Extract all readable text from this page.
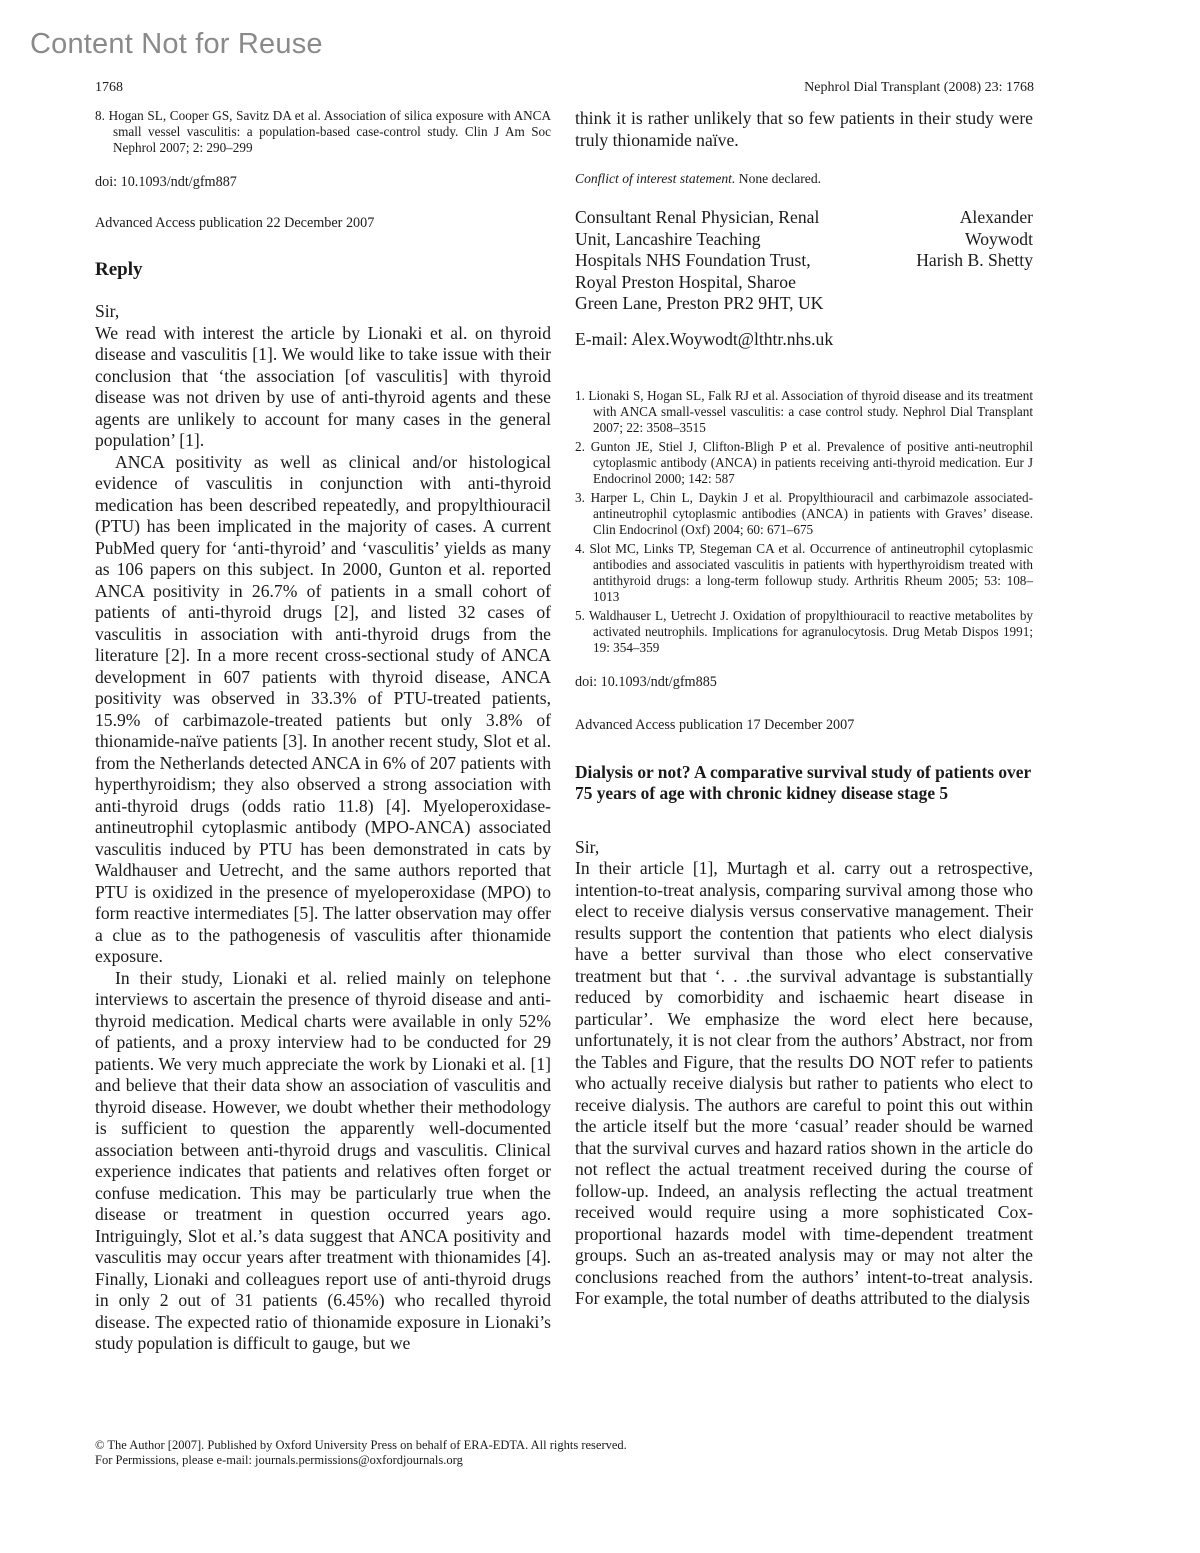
Content Not for Reuse
1768	Nephrol Dial Transplant (2008) 23: 1768

8. Hogan SL, Cooper GS, Savitz DA et al. Association of silica exposure with ANCA small vessel vasculitis: a population-based case-control study. Clin J Am Soc Nephrol 2007; 2: 290–299

doi: 10.1093/ndt/gfm887

Advanced Access publication 22 December 2007

Reply

Sir,

We read with interest the article by Lionaki et al. on thyroid disease and vasculitis [1]. We would like to take issue with their conclusion that ‘the association [of vasculitis] with thyroid disease was not driven by use of anti-thyroid agents and these agents are unlikely to account for many cases in the general population’ [1].

ANCA positivity as well as clinical and/or histological evidence of vasculitis in conjunction with anti-thyroid medication has been described repeatedly, and propylthiouracil (PTU) has been implicated in the majority of cases. A current PubMed query for ‘anti-thyroid’ and ‘vasculitis’ yields as many as 106 papers on this subject. In 2000, Gunton et al. reported ANCA positivity in 26.7% of patients in a small cohort of patients of anti-thyroid drugs [2], and listed 32 cases of vasculitis in association with anti-thyroid drugs from the literature [2]. In a more recent cross-sectional study of ANCA development in 607 patients with thyroid disease, ANCA positivity was observed in 33.3% of PTU-treated patients, 15.9% of carbimazole-treated patients but only 3.8% of thionamide-naïve patients [3]. In another recent study, Slot et al. from the Netherlands detected ANCA in 6% of 207 patients with hyperthyroidism; they also observed a strong association with anti-thyroid drugs (odds ratio 11.8) [4]. Myeloperoxidase-antineutrophil cytoplasmic antibody (MPO-ANCA) associated vasculitis induced by PTU has been demonstrated in cats by Waldhauser and Uetrecht, and the same authors reported that PTU is oxidized in the presence of myeloperoxidase (MPO) to form reactive intermediates [5]. The latter observation may offer a clue as to the pathogenesis of vasculitis after thionamide exposure.

In their study, Lionaki et al. relied mainly on telephone interviews to ascertain the presence of thyroid disease and anti-thyroid medication. Medical charts were available in only 52% of patients, and a proxy interview had to be conducted for 29 patients. We very much appreciate the work by Lionaki et al. [1] and believe that their data show an association of vasculitis and thyroid disease. However, we doubt whether their methodology is sufficient to question the apparently well-documented association between anti-thyroid drugs and vasculitis. Clinical experience indicates that patients and relatives often forget or confuse medication. This may be particularly true when the disease or treatment in question occurred years ago. Intriguingly, Slot et al.’s data suggest that ANCA positivity and vasculitis may occur years after treatment with thionamides [4]. Finally, Lionaki and colleagues report use of anti-thyroid drugs in only 2 out of 31 patients (6.45%) who recalled thyroid disease. The expected ratio of thionamide exposure in Lionaki’s study population is difficult to gauge, but we

think it is rather unlikely that so few patients in their study were truly thionamide naïve.

Conflict of interest statement. None declared.

Consultant Renal Physician, Renal
Unit, Lancashire Teaching
Hospitals NHS Foundation Trust,
Royal Preston Hospital, Sharoe
Green Lane, Preston PR2 9HT, UK
Alexander
Woywodt
Harish B. Shetty

E-mail: Alex.Woywodt@lthtr.nhs.uk

1. Lionaki S, Hogan SL, Falk RJ et al. Association of thyroid disease and its treatment with ANCA small-vessel vasculitis: a case control study. Nephrol Dial Transplant 2007; 22: 3508–3515

2. Gunton JE, Stiel J, Clifton-Bligh P et al. Prevalence of positive anti-neutrophil cytoplasmic antibody (ANCA) in patients receiving anti-thyroid medication. Eur J Endocrinol 2000; 142: 587

3. Harper L, Chin L, Daykin J et al. Propylthiouracil and carbimazole associated-antineutrophil cytoplasmic antibodies (ANCA) in patients with Graves’ disease. Clin Endocrinol (Oxf) 2004; 60: 671–675

4. Slot MC, Links TP, Stegeman CA et al. Occurrence of antineutrophil cytoplasmic antibodies and associated vasculitis in patients with hyperthyroidism treated with antithyroid drugs: a long-term followup study. Arthritis Rheum 2005; 53: 108–1013

5. Waldhauser L, Uetrecht J. Oxidation of propylthiouracil to reactive metabolites by activated neutrophils. Implications for agranulocytosis. Drug Metab Dispos 1991; 19: 354–359

doi: 10.1093/ndt/gfm885

Advanced Access publication 17 December 2007

Dialysis or not? A comparative survival study of patients over 75 years of age with chronic kidney disease stage 5

Sir,

In their article [1], Murtagh et al. carry out a retrospective, intention-to-treat analysis, comparing survival among those who elect to receive dialysis versus conservative management. Their results support the contention that patients who elect dialysis have a better survival than those who elect conservative treatment but that ‘. . .the survival advantage is substantially reduced by comorbidity and ischaemic heart disease in particular’. We emphasize the word elect here because, unfortunately, it is not clear from the authors’ Abstract, nor from the Tables and Figure, that the results DO NOT refer to patients who actually receive dialysis but rather to patients who elect to receive dialysis. The authors are careful to point this out within the article itself but the more ‘casual’ reader should be warned that the survival curves and hazard ratios shown in the article do not reflect the actual treatment received during the course of follow-up. Indeed, an analysis reflecting the actual treatment received would require using a more sophisticated Cox- proportional hazards model with time-dependent treatment groups. Such an as-treated analysis may or may not alter the conclusions reached from the authors’ intent-to-treat analysis. For example, the total number of deaths attributed to the dialysis

© The Author [2007]. Published by Oxford University Press on behalf of ERA-EDTA. All rights reserved.
For Permissions, please e-mail: journals.permissions@oxfordjournals.org
